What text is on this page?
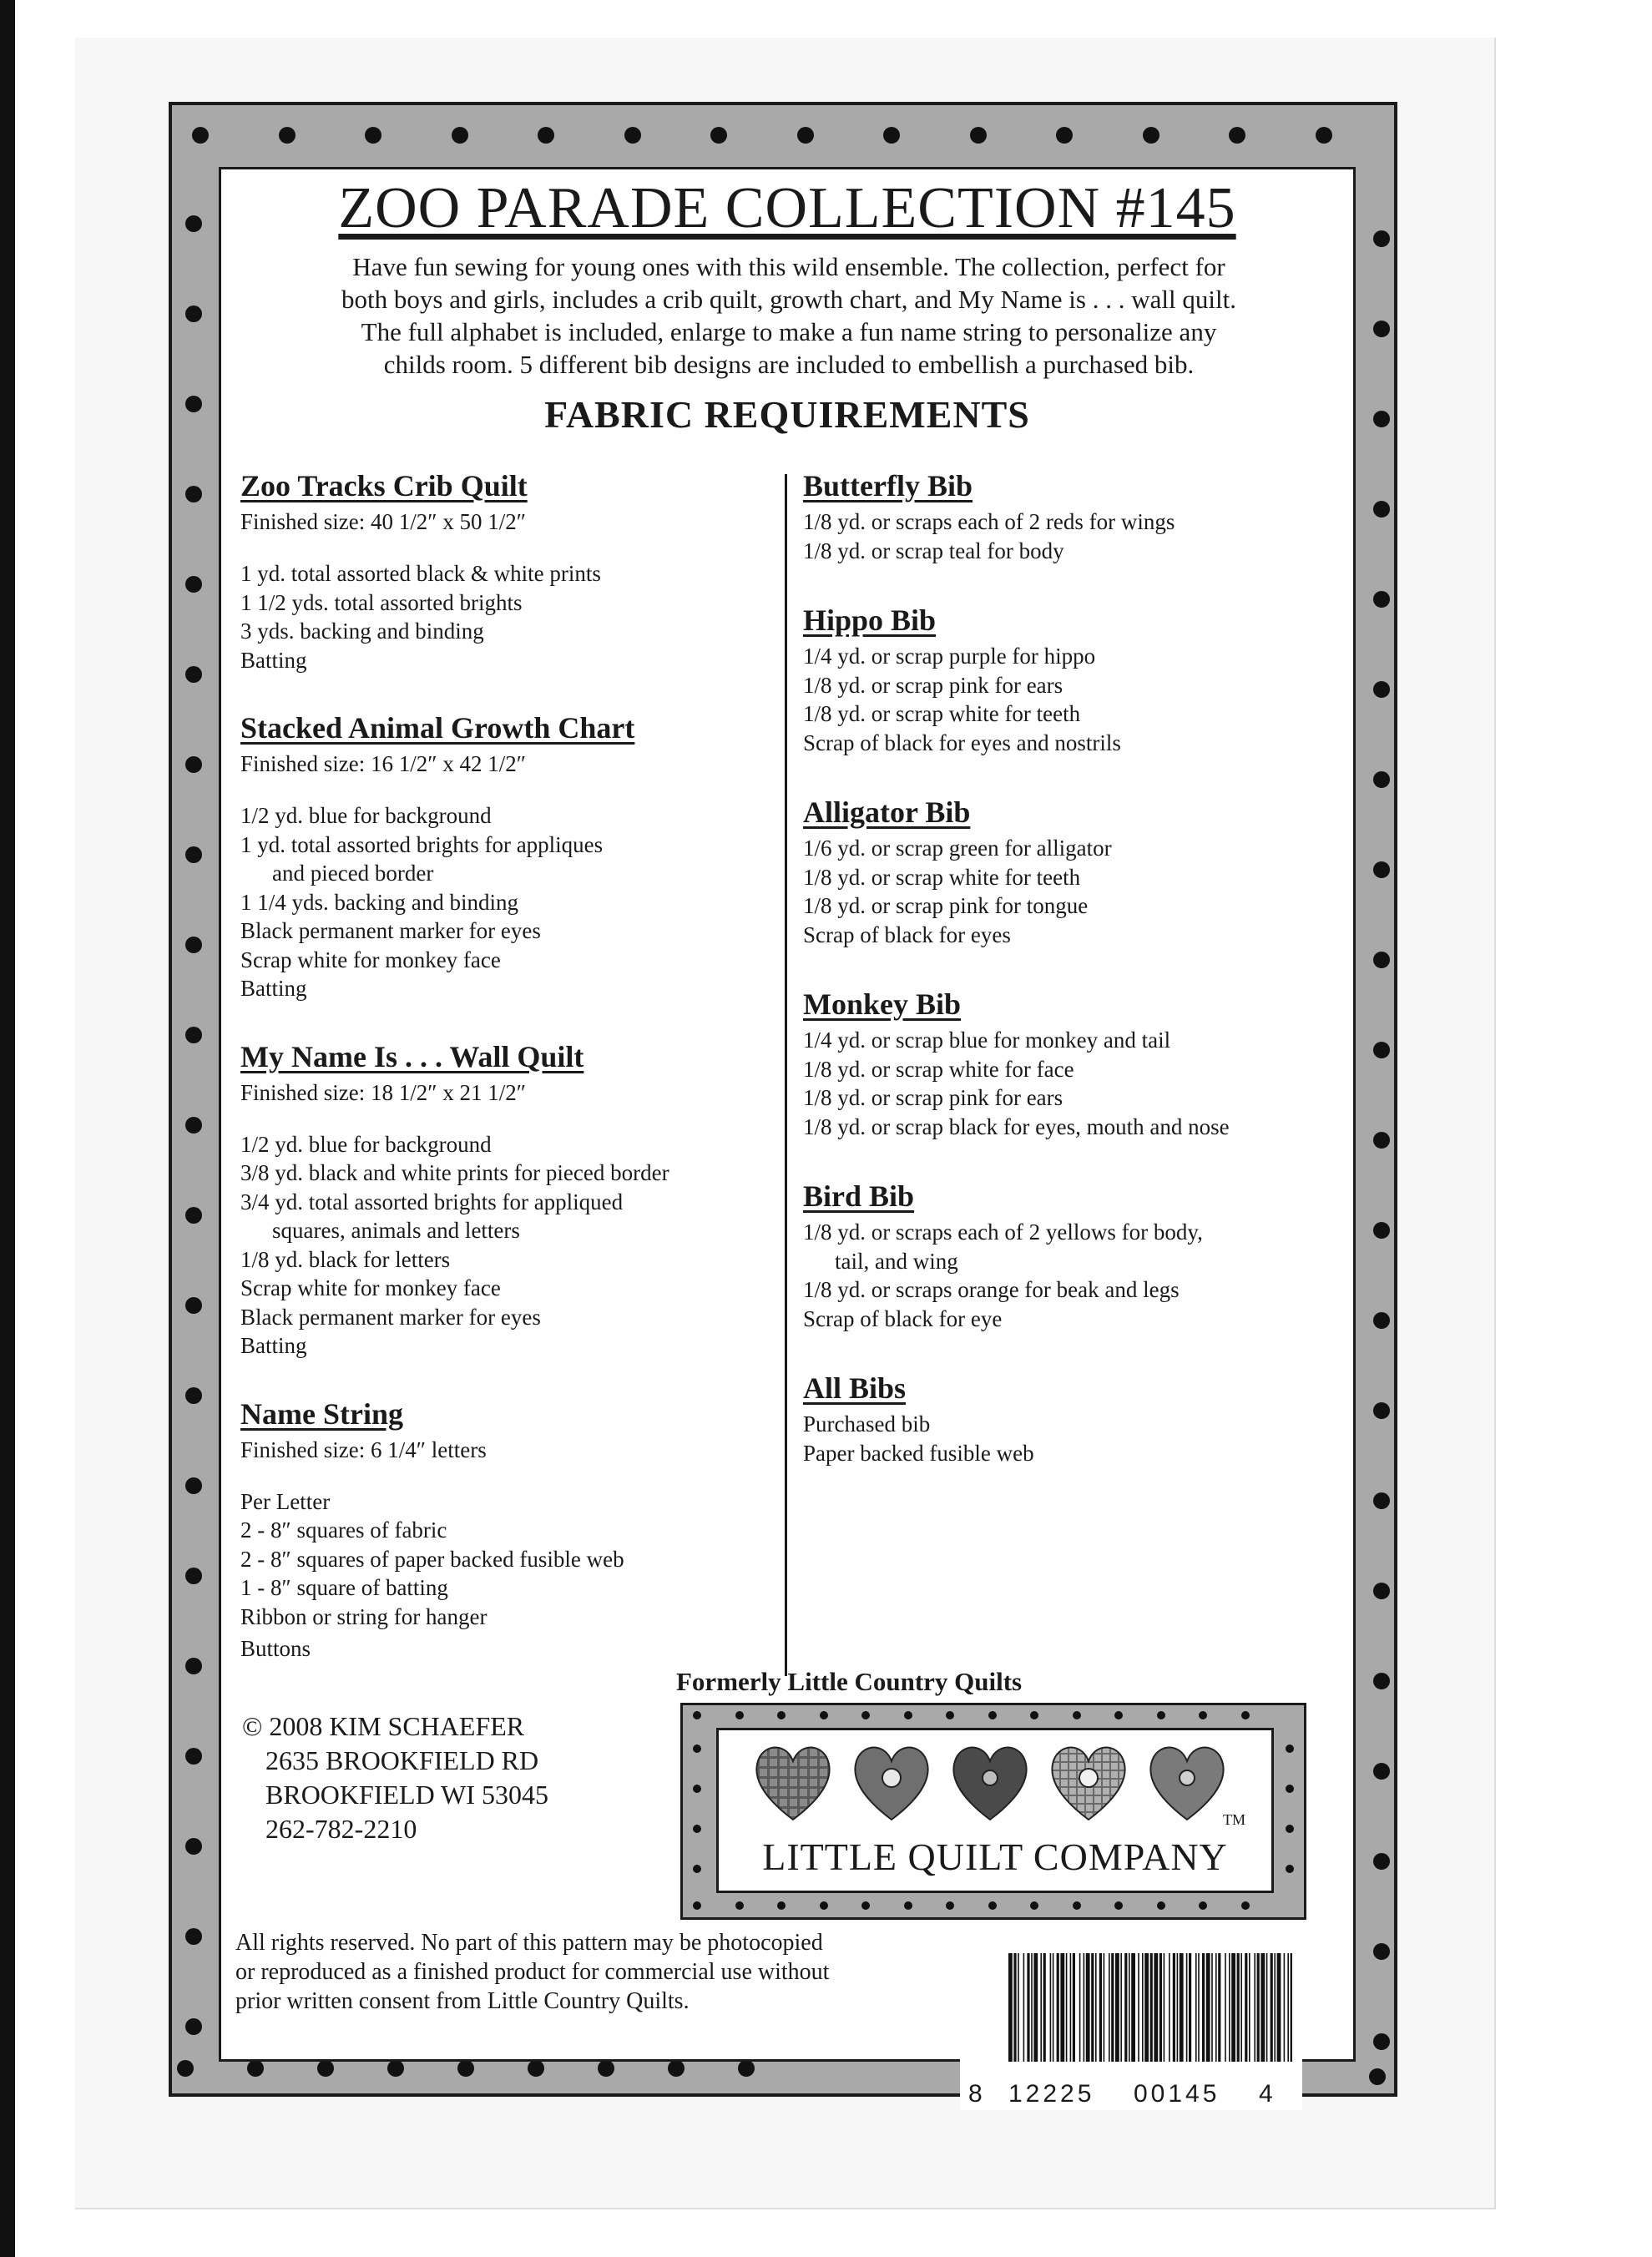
ZOO PARADE COLLECTION #145
Have fun sewing for young ones with this wild ensemble. The collection, perfect for
both boys and girls, includes a crib quilt, growth chart, and My Name is . . . wall quilt.
The full alphabet is included, enlarge to make a fun name string to personalize any
childs room. 5 different bib designs are included to embellish a purchased bib.
FABRIC REQUIREMENTS
Zoo Tracks Crib Quilt
Finished size: 40 1/2″ x 50 1/2″
1 yd. total assorted black & white prints
1 1/2 yds. total assorted brights
3 yds. backing and binding
Batting
Stacked Animal Growth Chart
Finished size: 16 1/2″ x 42 1/2″
1/2 yd. blue for background
1 yd. total assorted brights for appliques
and pieced border
1 1/4 yds. backing and binding
Black permanent marker for eyes
Scrap white for monkey face
Batting
My Name Is . . . Wall Quilt
Finished size: 18 1/2″ x 21 1/2″
1/2 yd. blue for background
3/8 yd. black and white prints for pieced border
3/4 yd. total assorted brights for appliqued
squares, animals and letters
1/8 yd. black for letters
Scrap white for monkey face
Black permanent marker for eyes
Batting
Name String
Finished size: 6 1/4″ letters
Per Letter
2 - 8″ squares of fabric
2 - 8″ squares of paper backed fusible web
1 - 8″ square of batting
Ribbon or string for hanger
Buttons
Butterfly Bib
1/8 yd. or scraps each of 2 reds for wings
1/8 yd. or scrap teal for body
Hippo Bib
1/4 yd. or scrap purple for hippo
1/8 yd. or scrap pink for ears
1/8 yd. or scrap white for teeth
Scrap of black for eyes and nostrils
Alligator Bib
1/6 yd. or scrap green for alligator
1/8 yd. or scrap white for teeth
1/8 yd. or scrap pink for tongue
Scrap of black for eyes
Monkey Bib
1/4 yd. or scrap blue for monkey and tail
1/8 yd. or scrap white for face
1/8 yd. or scrap pink for ears
1/8 yd. or scrap black for eyes, mouth and nose
Bird Bib
1/8 yd. or scraps each of 2 yellows for body,
tail, and wing
1/8 yd. or scraps orange for beak and legs
Scrap of black for eye
All Bibs
Purchased bib
Paper backed fusible web
Formerly Little Country Quilts
© 2008 KIM SCHAEFER
2635 BROOKFIELD RD
BROOKFIELD WI 53045
262-782-2210	TM
LITTLE QUILT COMPANY
All rights reserved. No part of this pattern may be photocopied
or reproduced as a finished product for commercial use without
prior written consent from Little Country Quilts.
8 12225 00145 4
